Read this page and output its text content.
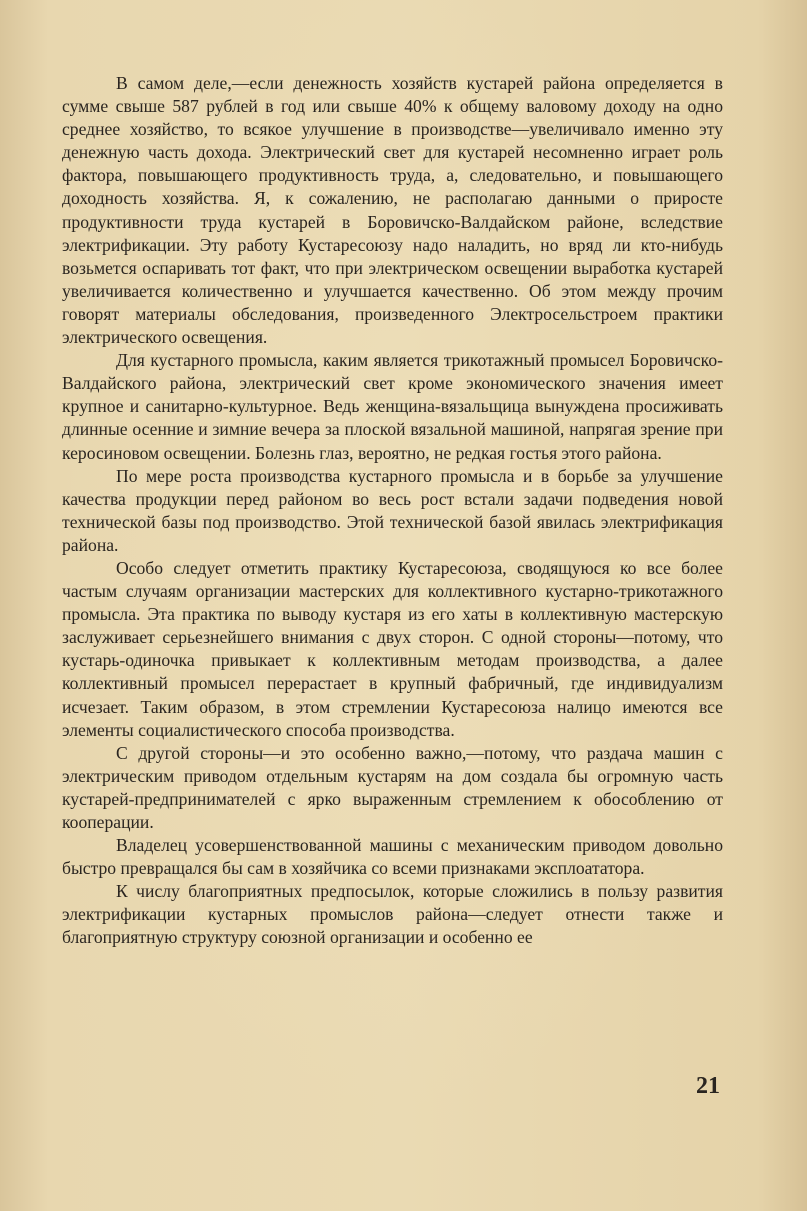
В самом деле,—если денежность хозяйств кустарей района определяется в сумме свыше 587 рублей в год или свыше 40% к общему валовому доходу на одно среднее хозяйство, то всякое улучшение в производстве—увеличивало именно эту денежную часть дохода. Электрический свет для кустарей несомненно играет роль фактора, повышающего продуктивность труда, а, следовательно, и повышающего доходность хозяйства. Я, к сожалению, не располагаю данными о приросте продуктивности труда кустарей в Боровичско-Валдайском районе, вследствие электрификации. Эту работу Кустаресоюзу надо наладить, но вряд ли кто-нибудь возьмется оспаривать тот факт, что при электрическом освещении выработка кустарей увеличивается количественно и улучшается качественно. Об этом между прочим говорят материалы обследования, произведенного Электросельстроем практики электрического освещения.

Для кустарного промысла, каким является трикотажный промысел Боровичско-Валдайского района, электрический свет кроме экономического значения имеет крупное и санитарно-культурное. Ведь женщина-вязальщица вынуждена просиживать длинные осенние и зимние вечера за плоской вязальной машиной, напрягая зрение при керосиновом освещении. Болезнь глаз, вероятно, не редкая гостья этого района.

По мере роста производства кустарного промысла и в борьбе за улучшение качества продукции перед районом во весь рост встали задачи подведения новой технической базы под производство. Этой технической базой явилась электрификация района.

Особо следует отметить практику Кустаресоюза, сводящуюся ко все более частым случаям организации мастерских для коллективного кустарно-трикотажного промысла. Эта практика по выводу кустаря из его хаты в коллективную мастерскую заслуживает серьезнейшего внимания с двух сторон. С одной стороны—потому, что кустарь-одиночка привыкает к коллективным методам производства, а далее коллективный промысел перерастает в крупный фабричный, где индивидуализм исчезает. Таким образом, в этом стремлении Кустаресоюза налицо имеются все элементы социалистического способа производства.

С другой стороны—и это особенно важно,—потому, что раздача машин с электрическим приводом отдельным кустарям на дом создала бы огромную часть кустарей-предпринимателей с ярко выраженным стремлением к обособлению от кооперации.

Владелец усовершенствованной машины с механическим приводом довольно быстро превращался бы сам в хозяйчика со всеми признаками эксплоататора.

К числу благоприятных предпосылок, которые сложились в пользу развития электрификации кустарных промыслов района—следует отнести также и благоприятную структуру союзной организации и особенно ее

21
